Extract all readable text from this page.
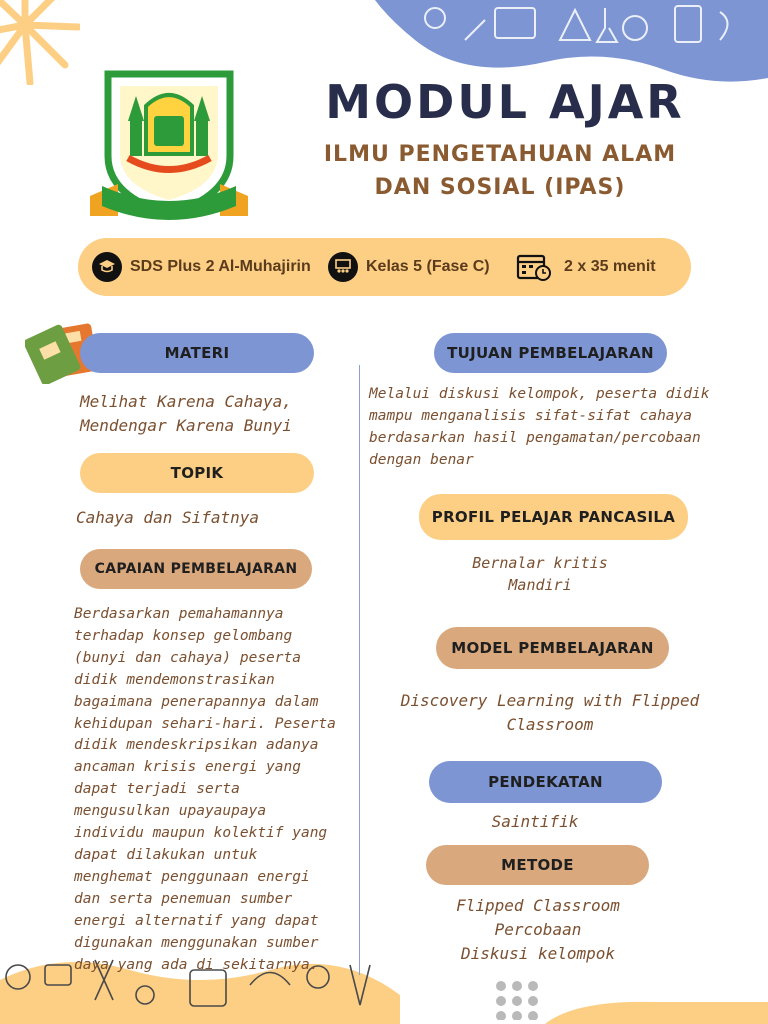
MODUL AJAR
ILMU PENGETAHUAN ALAM
DAN SOSIAL (IPAS)
SDS Plus 2 Al-Muhajirin	Kelas 5 (Fase C)	2 x 35 menit
MATERI
Melihat Karena Cahaya,
Mendengar Karena Bunyi
TOPIK
Cahaya dan Sifatnya
CAPAIAN PEMBELAJARAN
Berdasarkan pemahamannya
terhadap konsep gelombang
(bunyi dan cahaya) peserta
didik mendemonstrasikan
bagaimana penerapannya dalam
kehidupan sehari-hari. Peserta
didik mendeskripsikan adanya
ancaman krisis energi yang
dapat terjadi serta
mengusulkan upayaupaya
individu maupun kolektif yang
dapat dilakukan untuk
menghemat penggunaan energi
dan serta penemuan sumber
energi alternatif yang dapat
digunakan menggunakan sumber
daya yang ada di sekitarnya.
TUJUAN PEMBELAJARAN
Melalui diskusi kelompok, peserta didik
mampu menganalisis sifat-sifat cahaya
berdasarkan hasil pengamatan/percobaan
dengan benar
PROFIL PELAJAR PANCASILA
Bernalar kritis
Mandiri
MODEL PEMBELAJARAN
Discovery Learning with Flipped
Classroom
PENDEKATAN
Saintifik
METODE
Flipped Classroom
Percobaan
Diskusi kelompok
